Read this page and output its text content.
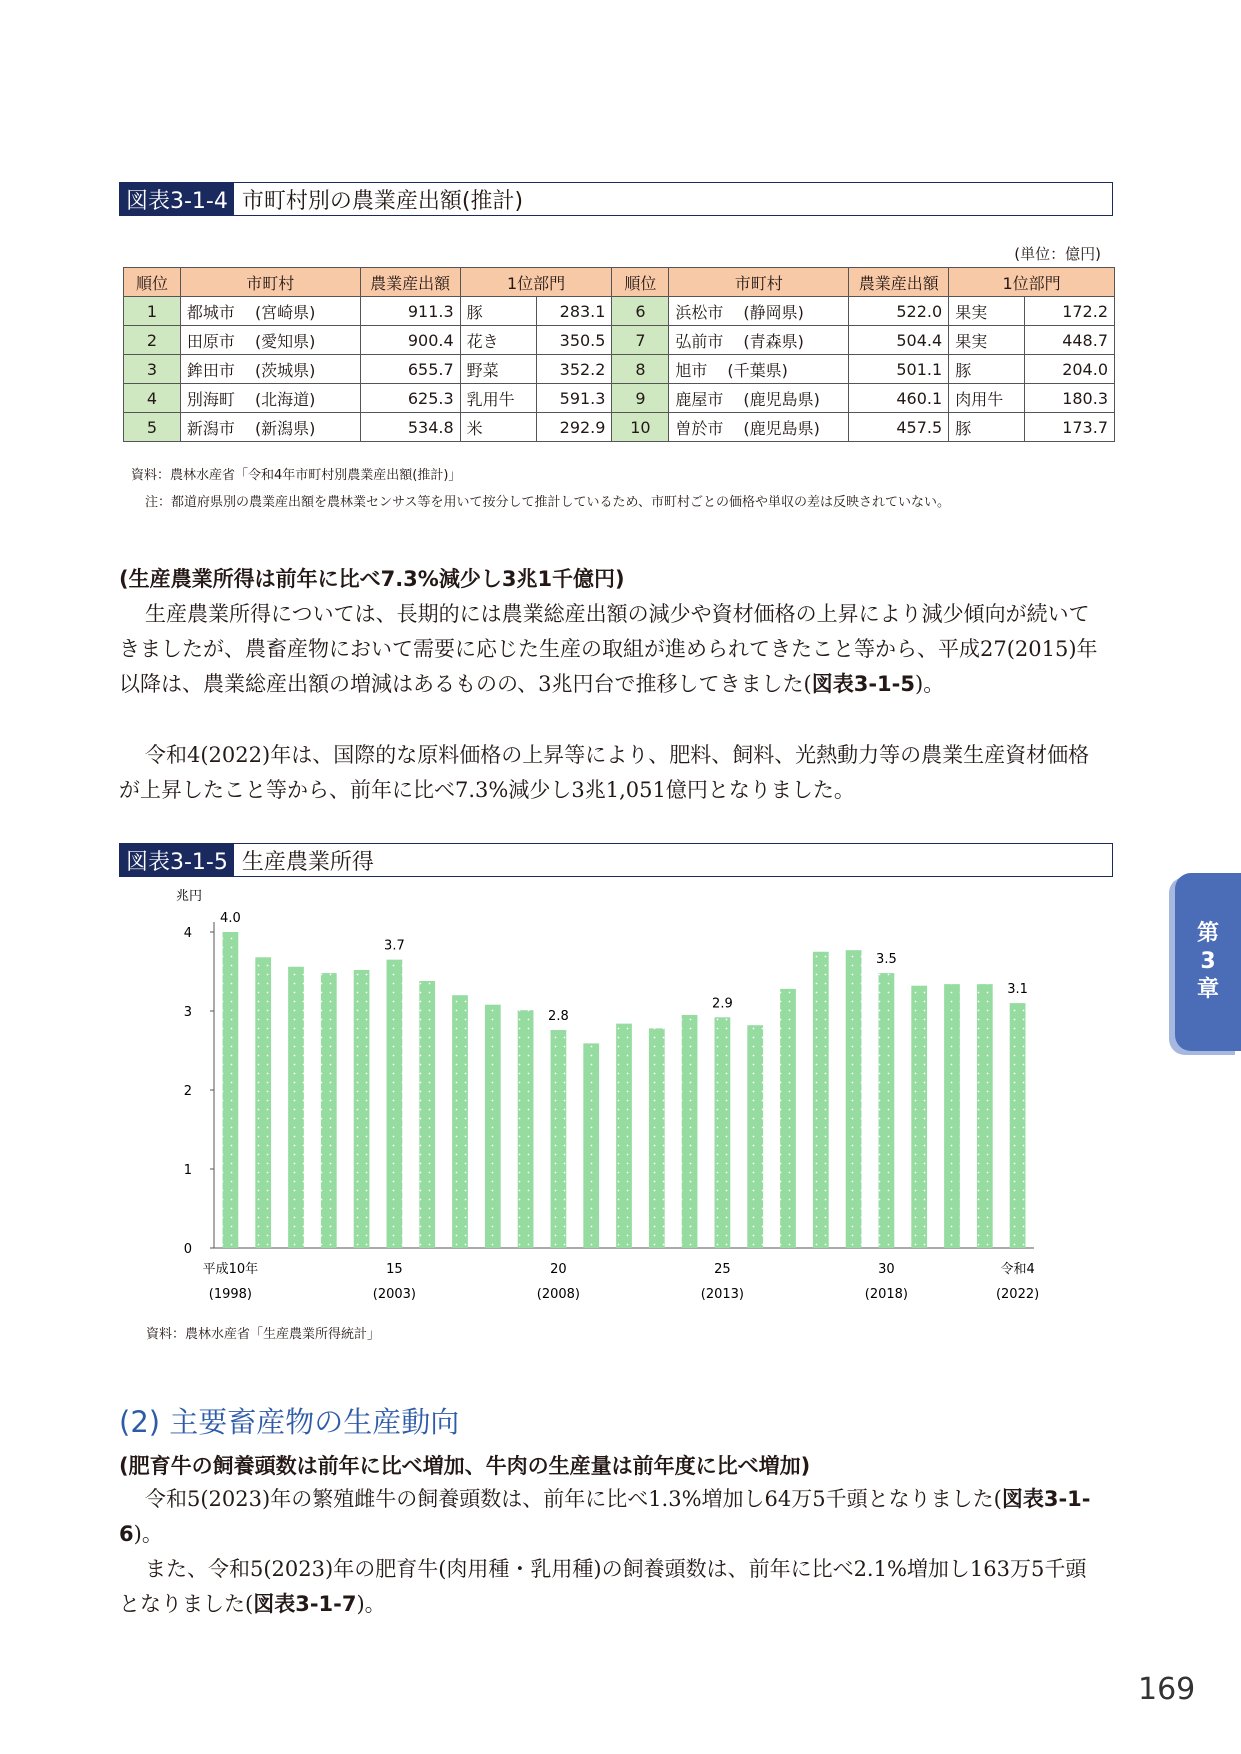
図表3-1-4 市町村別の農業産出額(推計)
(単位：億円)
順位	市町村	農業産出額	1位部門		順位	市町村	農業産出額	1位部門	
1	都城市 (宮崎県)	911.3	豚	283.1	6	浜松市 (静岡県)	522.0	果実	172.2
2	田原市 (愛知県)	900.4	花き	350.5	7	弘前市 (青森県)	504.4	果実	448.7
3	鉾田市 (茨城県)	655.7	野菜	352.2	8	旭市 (千葉県)	501.1	豚	204.0
4	別海町 (北海道)	625.3	乳用牛	591.3	9	鹿屋市 (鹿児島県)	460.1	肉用牛	180.3
5	新潟市 (新潟県)	534.8	米	292.9	10	曽於市 (鹿児島県)	457.5	豚	173.7
資料：農林水産省「令和4年市町村別農業産出額(推計)」
注：都道府県別の農業産出額を農林業センサス等を用いて按分して推計しているため、市町村ごとの価格や単収の差は反映されていない。
(生産農業所得は前年に比べ7.3%減少し3兆1千億円)

生産農業所得については、長期的には農業総産出額の減少や資材価格の上昇により減少傾向が続いてきましたが、農畜産物において需要に応じた生産の取組が進められてきたこと等から、平成27(2015)年以降は、農業総産出額の増減はあるものの、3兆円台で推移してきました(図表3-1-5)。

令和4(2022)年は、国際的な原料価格の上昇等により、肥料、飼料、光熱動力等の農業生産資材価格が上昇したこと等から、前年に比べ7.3%減少し3兆1,051億円となりました。

図表3-1-5 生産農業所得
兆円
0
1
2
3
4
4.0
3.7
2.8
2.9
3.5
3.1
平成10年
(1998)
15
(2003)
20
(2008)
25
(2013)
30
(2018)
令和4
(2022)
資料：農林水産省「生産農業所得統計」
(2) 主要畜産物の生産動向
(肥育牛の飼養頭数は前年に比べ増加、牛肉の生産量は前年度に比べ増加)

令和5(2023)年の繁殖雌牛の飼養頭数は、前年に比べ1.3%増加し64万5千頭となりました(図表3-1-6)。

また、令和5(2023)年の肥育牛(肉用種・乳用種)の飼養頭数は、前年に比べ2.1%増加し163万5千頭となりました(図表3-1-7)。

第
3
章
169
